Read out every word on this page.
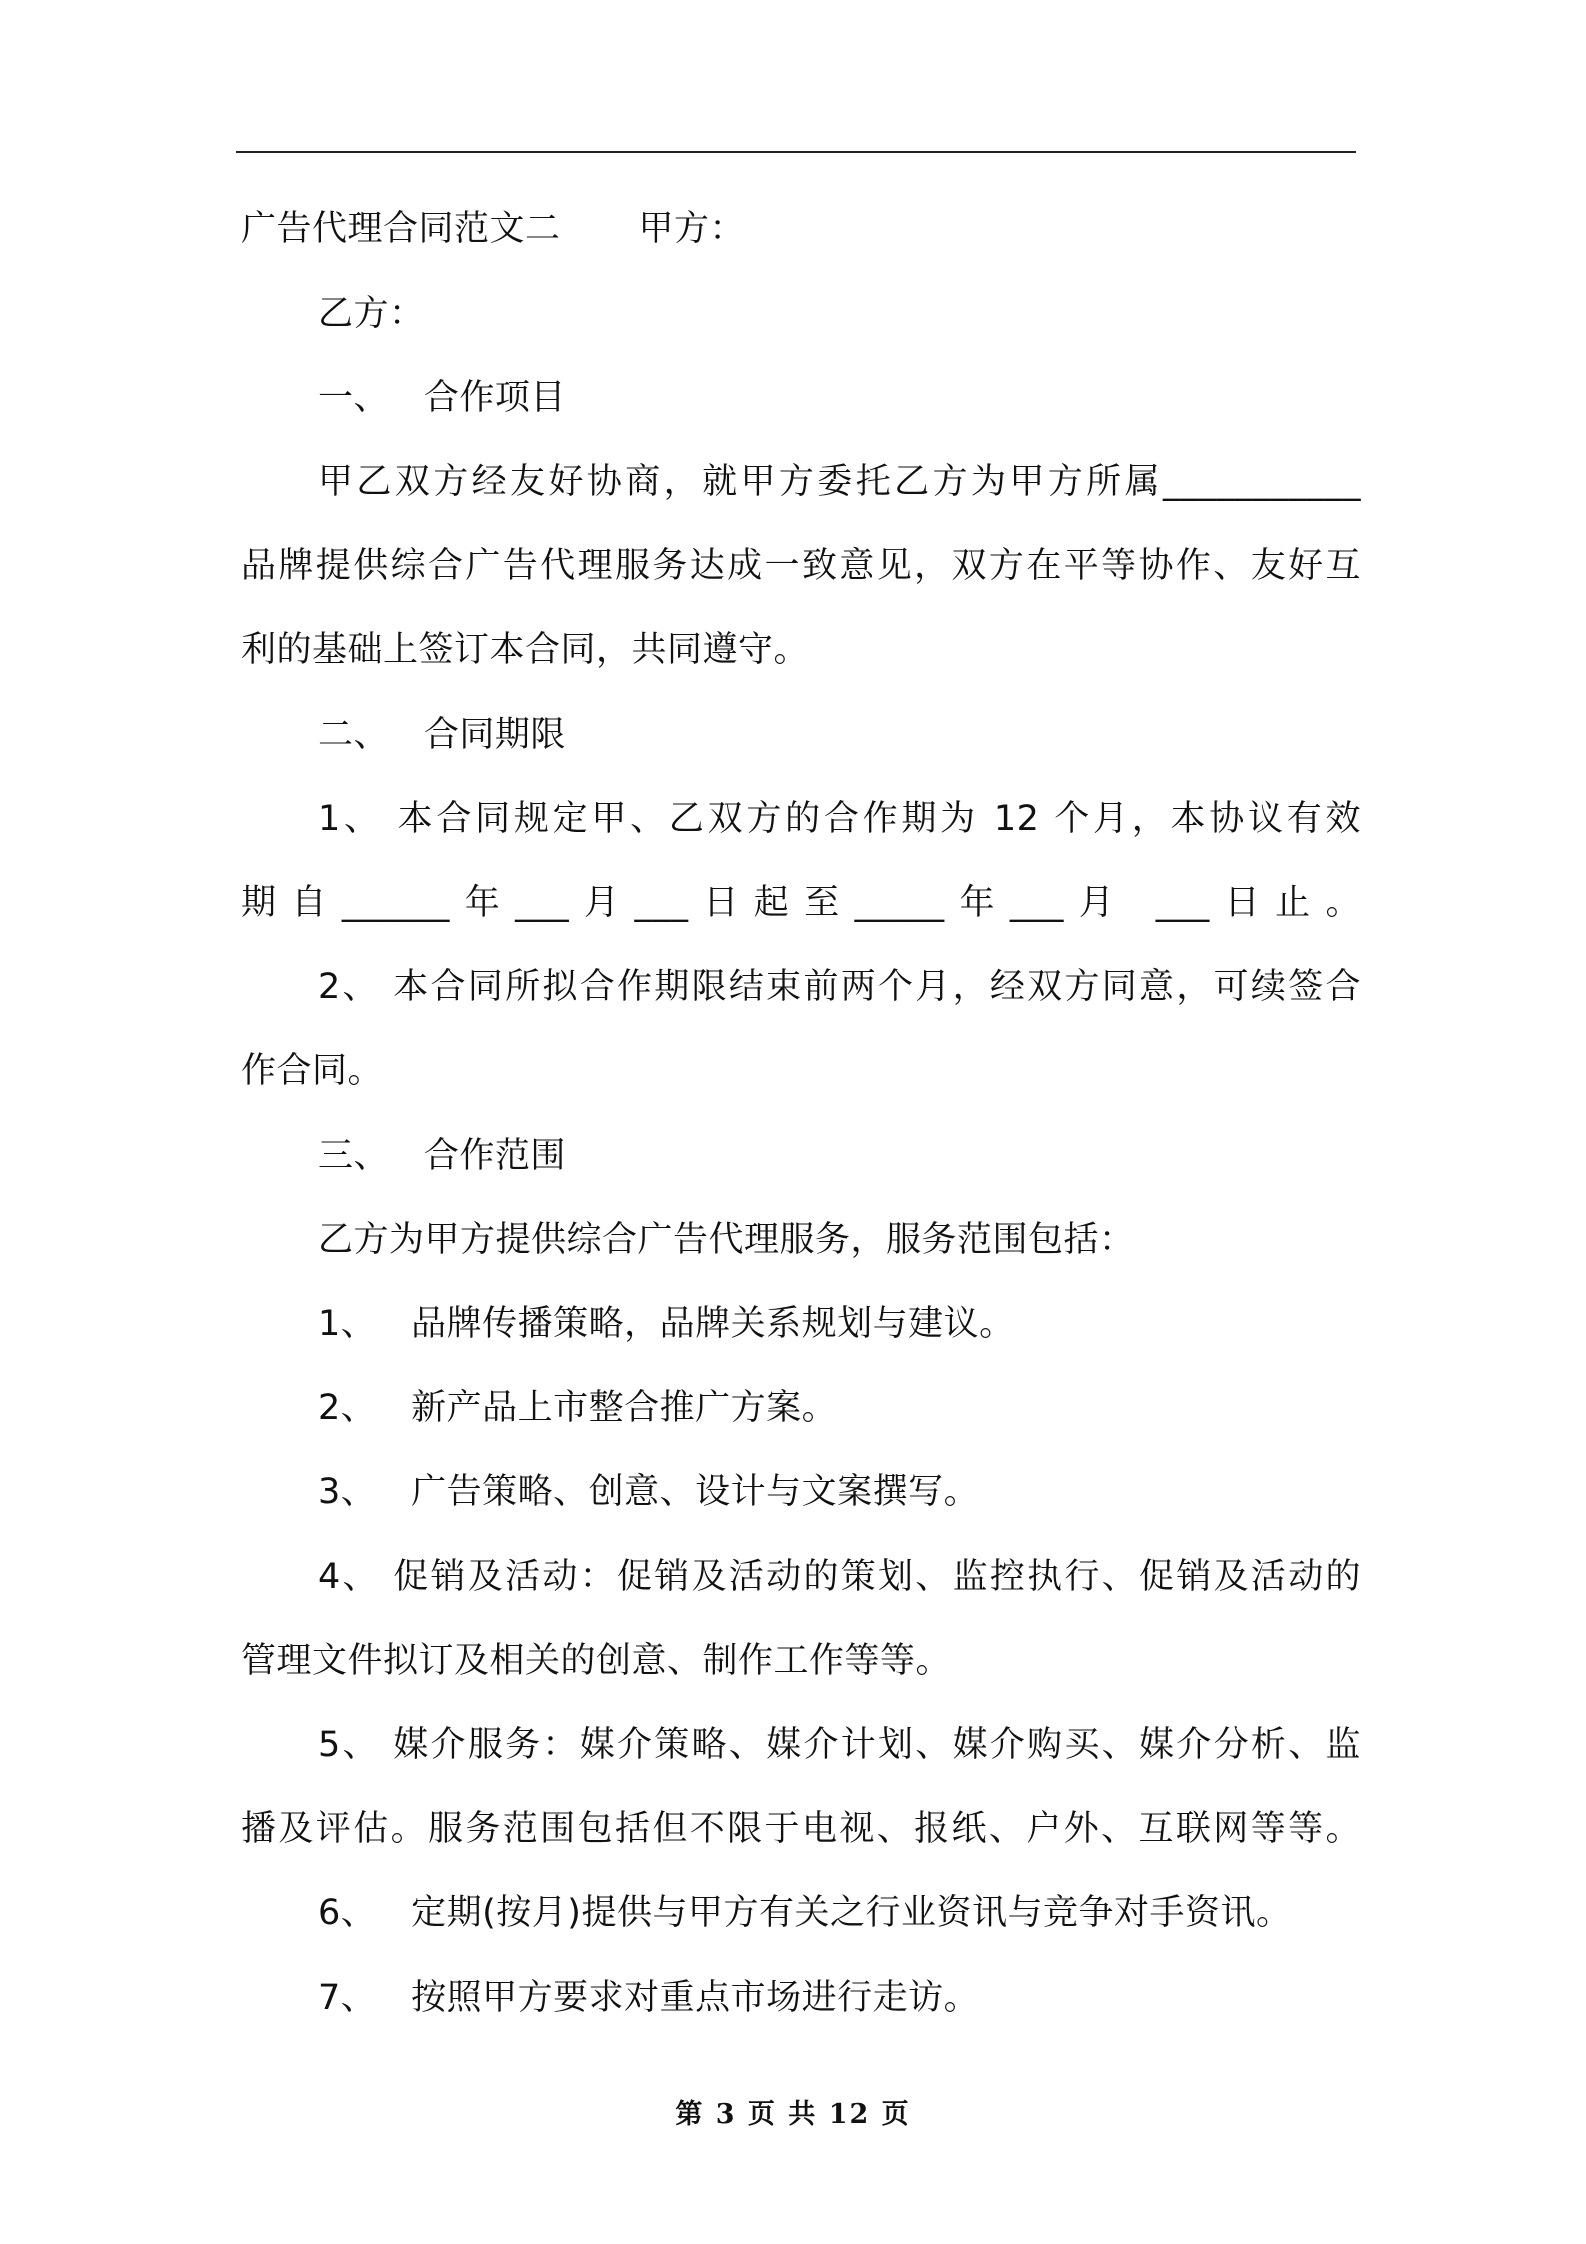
广告代理合同范文二 甲方：
乙方：
一、   合作项目
甲乙双方经友好协商，就甲方委托乙方为甲方所属___________
品牌提供综合广告代理服务达成一致意见，双方在平等协作、友好互
利的基础上签订本合同，共同遵守。
二、   合同期限
1、 本合同规定甲、乙双方的合作期为 12 个月，本协议有效
期自______年___月___日起至_____年___月 ___日止。
2、 本合同所拟合作期限结束前两个月，经双方同意，可续签合
作合同。
三、   合作范围
乙方为甲方提供综合广告代理服务，服务范围包括：
1、   品牌传播策略，品牌关系规划与建议。
2、   新产品上市整合推广方案。
3、   广告策略、创意、设计与文案撰写。
4、 促销及活动：促销及活动的策划、监控执行、促销及活动的
管理文件拟订及相关的创意、制作工作等等。
5、 媒介服务：媒介策略、媒介计划、媒介购买、媒介分析、监
播及评估。服务范围包括但不限于电视、报纸、户外、互联网等等。
6、   定期(按月)提供与甲方有关之行业资讯与竞争对手资讯。
7、   按照甲方要求对重点市场进行走访。
第 3 页 共 12 页
